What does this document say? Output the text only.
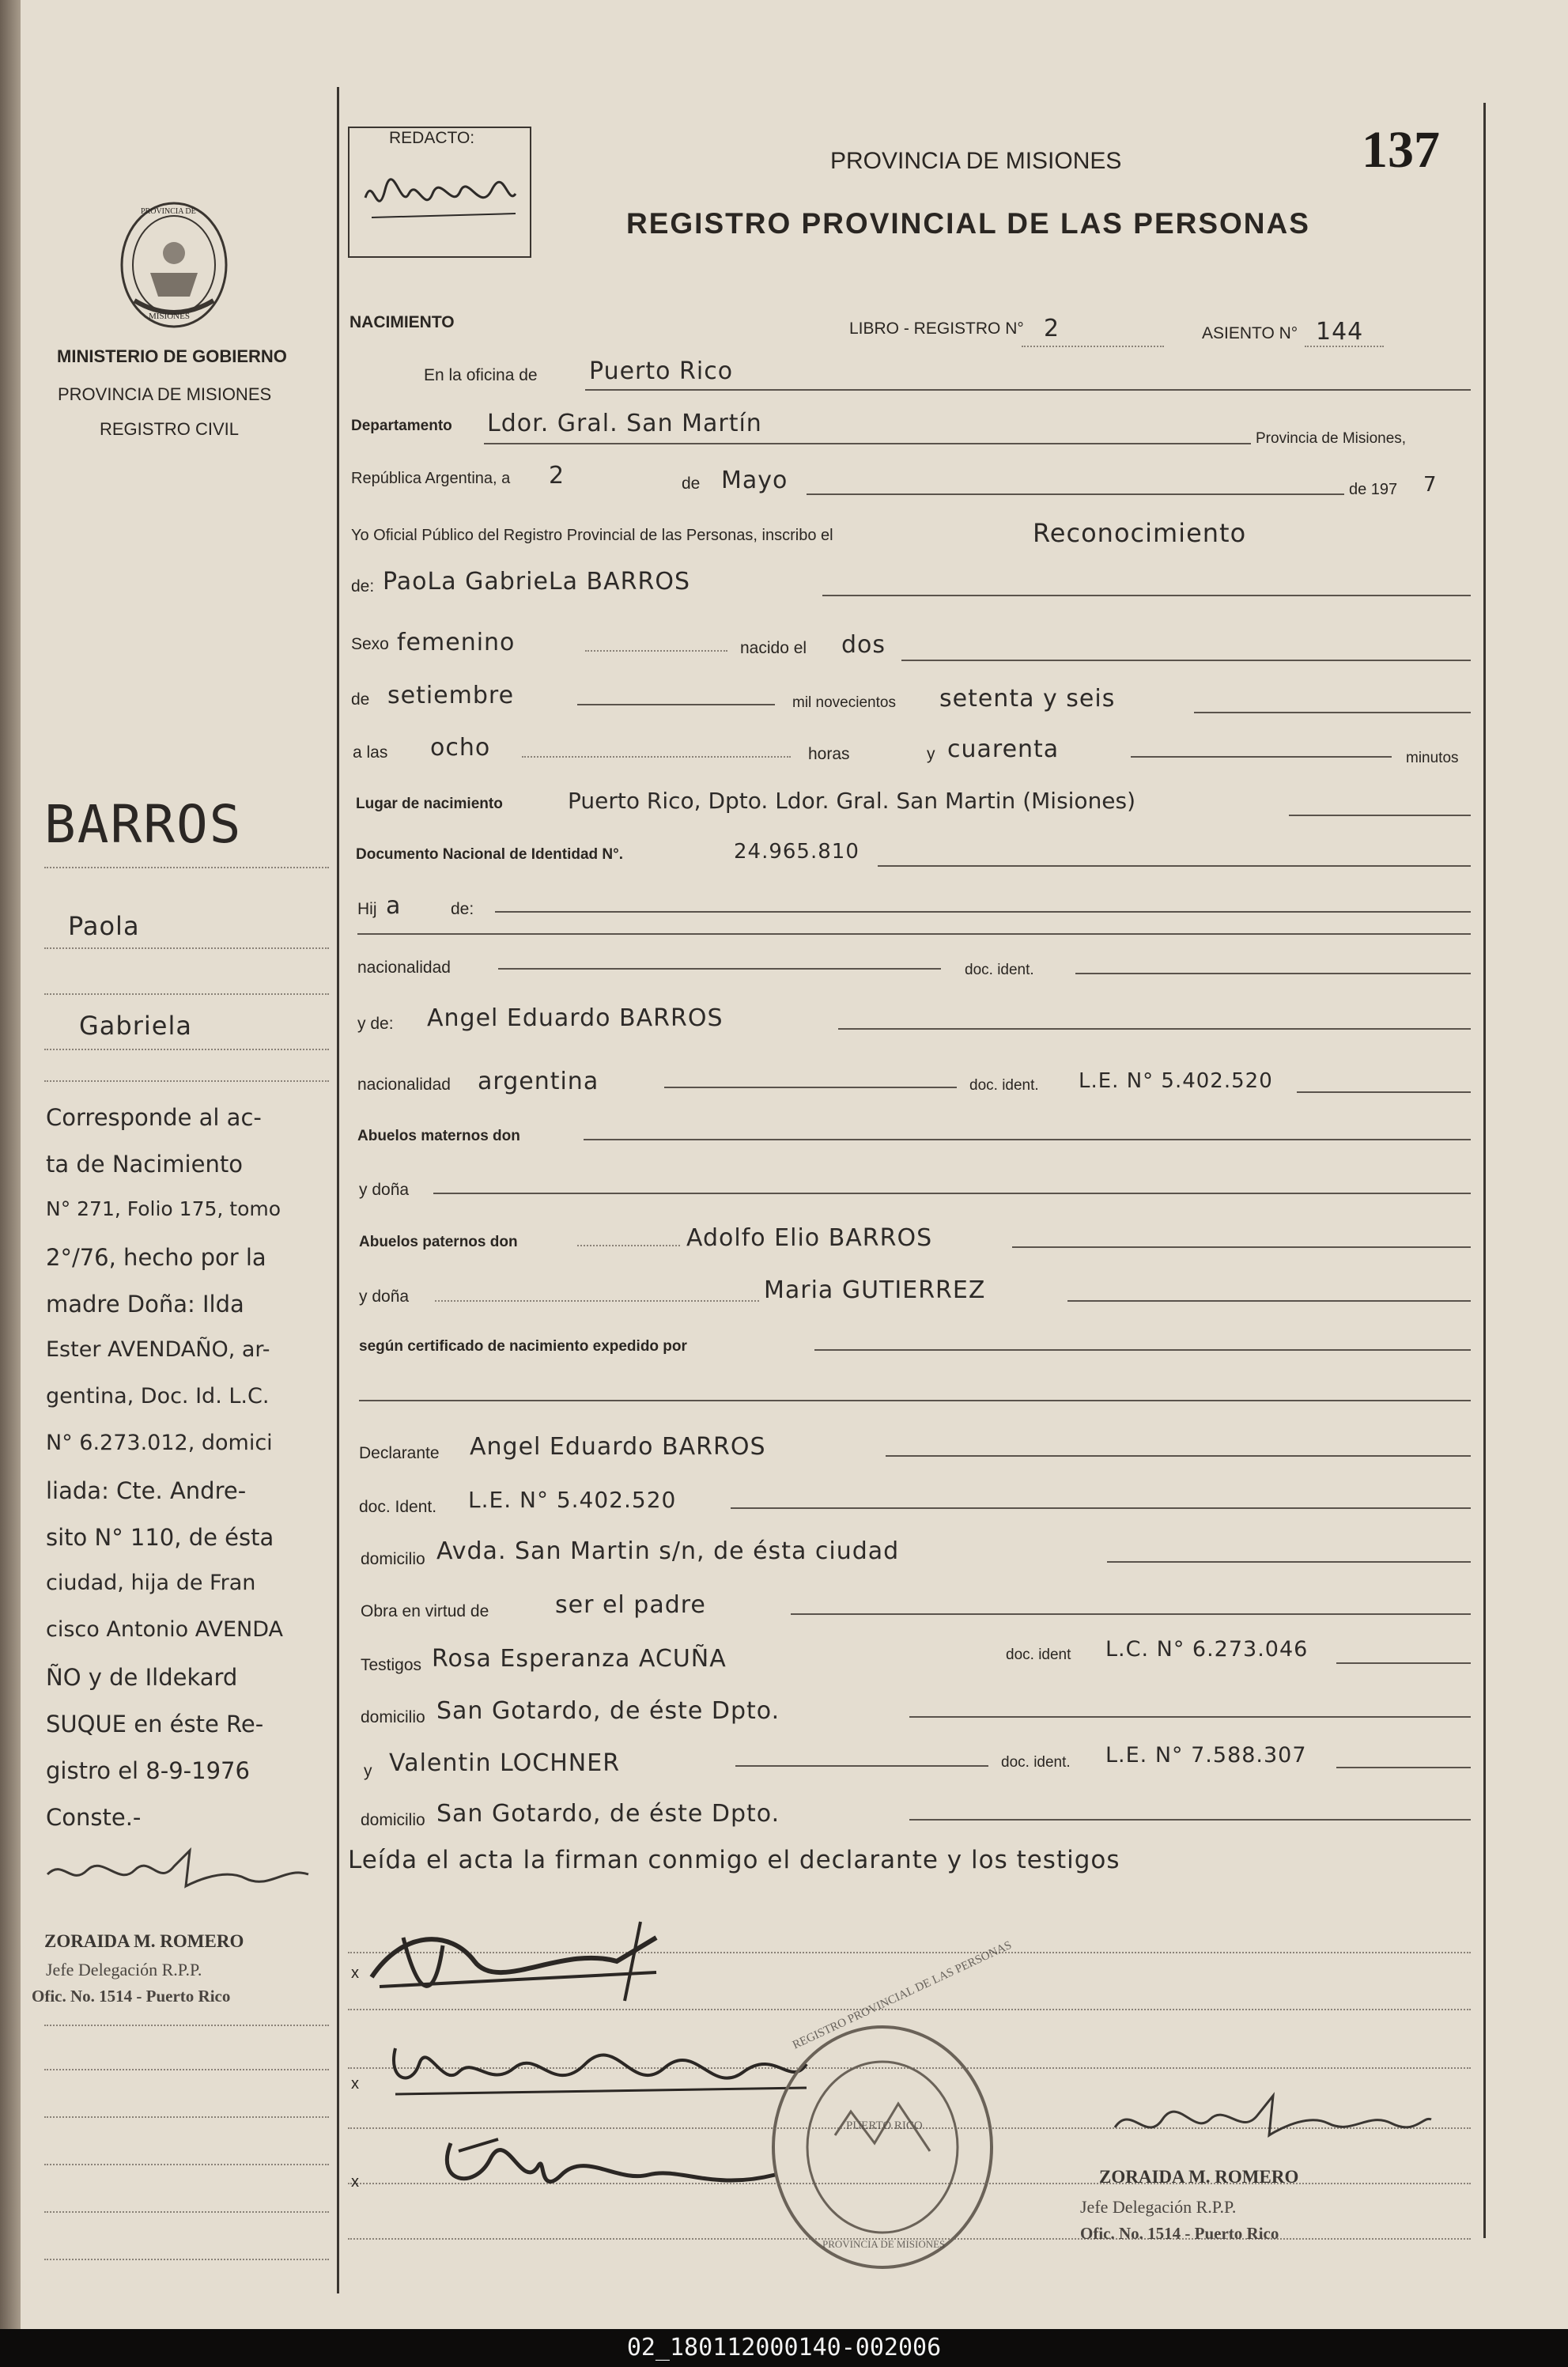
137
REDACTO:
PROVINCIA DE
MISIONES
MINISTERIO DE GOBIERNO
PROVINCIA DE MISIONES
REGISTRO CIVIL
PROVINCIA DE MISIONES
REGISTRO PROVINCIAL DE LAS PERSONAS
NACIMIENTO	LIBRO - REGISTRO N° 2	ASIENTO N° 144
En la oficina de Puerto Rico
Departamento Ldor. Gral. San Martín
Provincia de Misiones,
República Argentina, a 2	de Mayo	de 197 7
Yo Oficial Público del Registro Provincial de las Personas, inscribo el	Reconocimiento
de: PaoLa GabrieLa BARROS
Sexo femenino	nacido el dos
de setiembre	mil novecientos setenta y seis
a las ocho	horas	y cuarenta	minutos
Lugar de nacimiento	Puerto Rico, Dpto. Ldor. Gral. San Martin (Misiones)
Documento Nacional de Identidad N°.	24.965.810
Hij a	de:
nacionalidad	doc. ident.
y de: Angel Eduardo BARROS
nacionalidad argentina	doc. ident. L.E. N° 5.402.520
Abuelos maternos don
y doña
Abuelos paternos don	Adolfo Elio BARROS
y doña	Maria GUTIERREZ
según certificado de nacimiento expedido por
Declarante Angel Eduardo BARROS
doc. Ident. L.E. N° 5.402.520
domicilio Avda. San Martin s/n, de ésta ciudad
Obra en virtud de	ser el padre
Testigos Rosa Esperanza ACUÑA	doc. ident L.C. N° 6.273.046
domicilio San Gotardo, de éste Dpto.
y Valentin LOCHNER	doc. ident. L.E. N° 7.588.307
domicilio San Gotardo, de éste Dpto.
Leída el acta la firman conmigo el declarante y los testigos
x
x
x
REGISTRO PROVINCIAL DE LAS PERSONAS
PUERTO RICO
PROVINCIA DE MISIONES
ZORAIDA M. ROMERO
Jefe Delegación R.P.P.
Ofic. No. 1514 - Puerto Rico
BARROS
Paola
Gabriela
Corresponde al ac-
ta de Nacimiento
N° 271, Folio 175, tomo
2°/76, hecho por la
madre Doña: Ilda
Ester AVENDAÑO, ar-
gentina, Doc. Id. L.C.
N° 6.273.012, domici
liada: Cte. Andre-
sito N° 110, de ésta
ciudad, hija de Fran
cisco Antonio AVENDA
ÑO y de Ildekard
SUQUE en éste Re-
gistro el 8-9-1976
Conste.-
ZORAIDA M. ROMERO
Jefe Delegación R.P.P.
Ofic. No. 1514 - Puerto Rico
02_180112000140-002006
